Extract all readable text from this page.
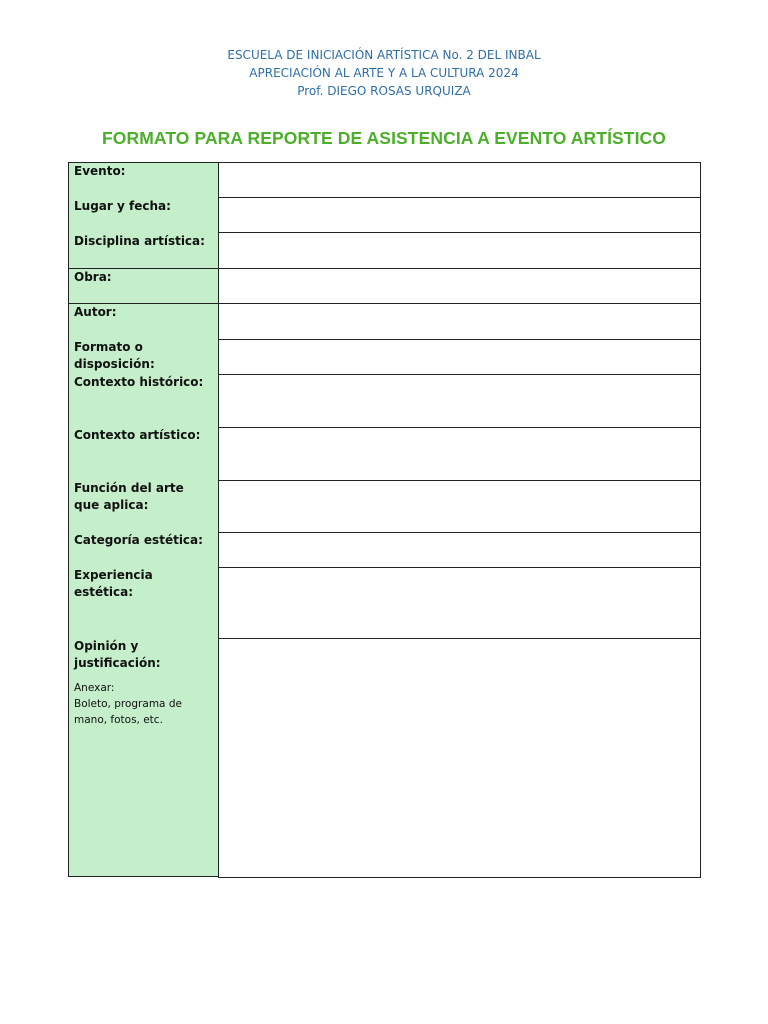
ESCUELA DE INICIACIÓN ARTÍSTICA No. 2 DEL INBAL
APRECIACIÓN AL ARTE Y A LA CULTURA 2024
Prof. DIEGO ROSAS URQUIZA
FORMATO PARA REPORTE DE ASISTENCIA A EVENTO ARTÍSTICO
Evento:
Lugar y fecha:
Disciplina artística:
Obra:
Autor:
Formato o disposición:
Contexto histórico:
Contexto artístico:
Función del arte que aplica:
Categoría estética:
Experiencia estética:
Opinión y justificación:
Anexar:
Boleto, programa de mano, fotos, etc.
